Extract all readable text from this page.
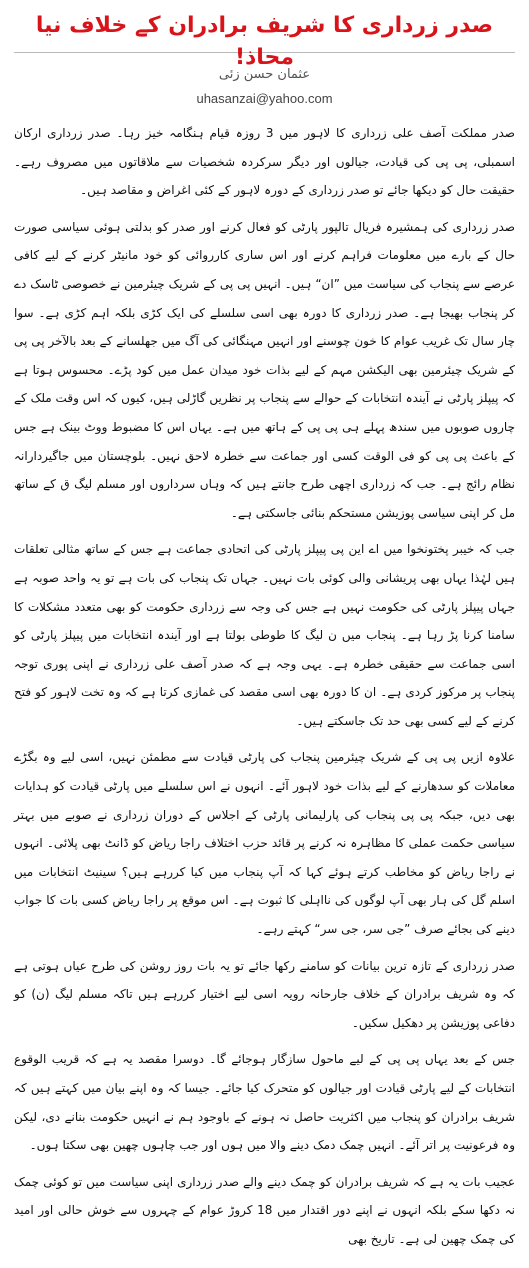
صدر زرداری کا شریف برادران کے خلاف نیا محاذ!
عثمان حسن زئی
uhasanzai@yahoo.com

صدر مملکت آصف علی زرداری کا لاہور میں 3 روزہ قیام ہنگامہ خیز رہا۔ صدر زرداری ارکان اسمبلی، پی پی کی قیادت، جیالوں اور دیگر سرکردہ شخصیات سے ملاقاتوں میں مصروف رہے۔ حقیقت حال کو دیکھا جائے تو صدر زرداری کے دورہ لاہور کے کئی اغراض و مقاصد ہیں۔

صدر زرداری کی ہمشیرہ فریال تالپور پارٹی کو فعال کرنے اور صدر کو بدلتی ہوئی سیاسی صورت حال کے بارے میں معلومات فراہم کرنے اور اس ساری کارروائی کو خود مانیٹر کرنے کے لیے کافی عرصے سے پنجاب کی سیاست میں ”ان“ ہیں۔ انہیں پی پی کے شریک چیئرمین نے خصوصی ٹاسک دے کر پنجاب بھیجا ہے۔ صدر زرداری کا دورہ بھی اسی سلسلے کی ایک کڑی بلکہ اہم کڑی ہے۔ سوا چار سال تک غریب عوام کا خون چوسنے اور انہیں مہنگائی کی آگ میں جھلسانے کے بعد بالآخر پی پی کے شریک چیئرمین بھی الیکشن مہم کے لیے بذات خود میدان عمل میں کود پڑے۔ محسوس ہوتا ہے کہ پیپلز پارٹی نے آیندہ انتخابات کے حوالے سے پنجاب پر نظریں گاڑلی ہیں، کیوں کہ اس وقت ملک کے چاروں صوبوں میں سندھ پہلے ہی پی پی کے ہاتھ میں ہے۔ یہاں اس کا مضبوط ووٹ بینک ہے جس کے باعث پی پی کو فی الوقت کسی اور جماعت سے خطرہ لاحق نہیں۔ بلوچستان میں جاگیردارانہ نظام رائج ہے۔ جب کہ زرداری اچھی طرح جانتے ہیں کہ وہاں سرداروں اور مسلم لیگ ق کے ساتھ مل کر اپنی سیاسی پوزیشن مستحکم بنائی جاسکتی ہے۔

جب کہ خیبر پختونخوا میں اے این پی پیپلز پارٹی کی اتحادی جماعت ہے جس کے ساتھ مثالی تعلقات ہیں لہٰذا یہاں بھی پریشانی والی کوئی بات نہیں۔ جہاں تک پنجاب کی بات ہے تو یہ واحد صوبہ ہے جہاں پیپلز پارٹی کی حکومت نہیں ہے جس کی وجہ سے زرداری حکومت کو بھی متعدد مشکلات کا سامنا کرنا پڑ رہا ہے۔ پنجاب میں ن لیگ کا طوطی بولتا ہے اور آیندہ انتخابات میں پیپلز پارٹی کو اسی جماعت سے حقیقی خطرہ ہے۔ یہی وجہ ہے کہ صدر آصف علی زرداری نے اپنی پوری توجہ پنجاب پر مرکوز کردی ہے۔ ان کا دورہ بھی اسی مقصد کی غمازی کرتا ہے کہ وہ تخت لاہور کو فتح کرنے کے لیے کسی بھی حد تک جاسکتے ہیں۔

علاوہ ازیں پی پی کے شریک چیئرمین پنجاب کی پارٹی قیادت سے مطمئن نہیں، اسی لیے وہ بگڑے معاملات کو سدھارنے کے لیے بذات خود لاہور آئے۔ انہوں نے اس سلسلے میں پارٹی قیادت کو ہدایات بھی دیں، جبکہ پی پی پنجاب کی پارلیمانی پارٹی کے اجلاس کے دوران زرداری نے صوبے میں بہتر سیاسی حکمت عملی کا مظاہرہ نہ کرنے پر قائد حزب اختلاف راجا ریاض کو ڈانٹ بھی پلائی۔ انہوں نے راجا ریاض کو مخاطب کرتے ہوئے کہا کہ آپ پنجاب میں کیا کررہے ہیں؟ سینیٹ انتخابات میں اسلم گل کی ہار بھی آپ لوگوں کی نااہلی کا ثبوت ہے۔ اس موقع پر راجا ریاض کسی بات کا جواب دینے کی بجائے صرف ”جی سر، جی سر“ کہتے رہے۔

صدر زرداری کے تازہ ترین بیانات کو سامنے رکھا جائے تو یہ بات روز روشن کی طرح عیاں ہوتی ہے کہ وہ شریف برادران کے خلاف جارحانہ رویہ اسی لیے اختیار کررہے ہیں تاکہ مسلم لیگ (ن) کو دفاعی پوزیشن پر دھکیل سکیں۔

جس کے بعد یہاں پی پی کے لیے ماحول سازگار ہوجائے گا۔ دوسرا مقصد یہ ہے کہ قریب الوقوع انتخابات کے لیے پارٹی قیادت اور جیالوں کو متحرک کیا جائے۔ جیسا کہ وہ اپنے بیان میں کہتے ہیں کہ شریف برادران کو پنجاب میں اکثریت حاصل نہ ہونے کے باوجود ہم نے انہیں حکومت بنانے دی، لیکن وہ فرعونیت پر اتر آئے۔ انہیں چمک دمک دینے والا میں ہوں اور جب چاہوں چھین بھی سکتا ہوں۔

عجیب بات یہ ہے کہ شریف برادران کو چمک دینے والے صدر زرداری اپنی سیاست میں تو کوئی چمک نہ دکھا سکے بلکہ انہوں نے اپنے دور اقتدار میں 18 کروڑ عوام کے چہروں سے خوش حالی اور امید کی چمک چھین لی ہے۔ تاریخ بھی
